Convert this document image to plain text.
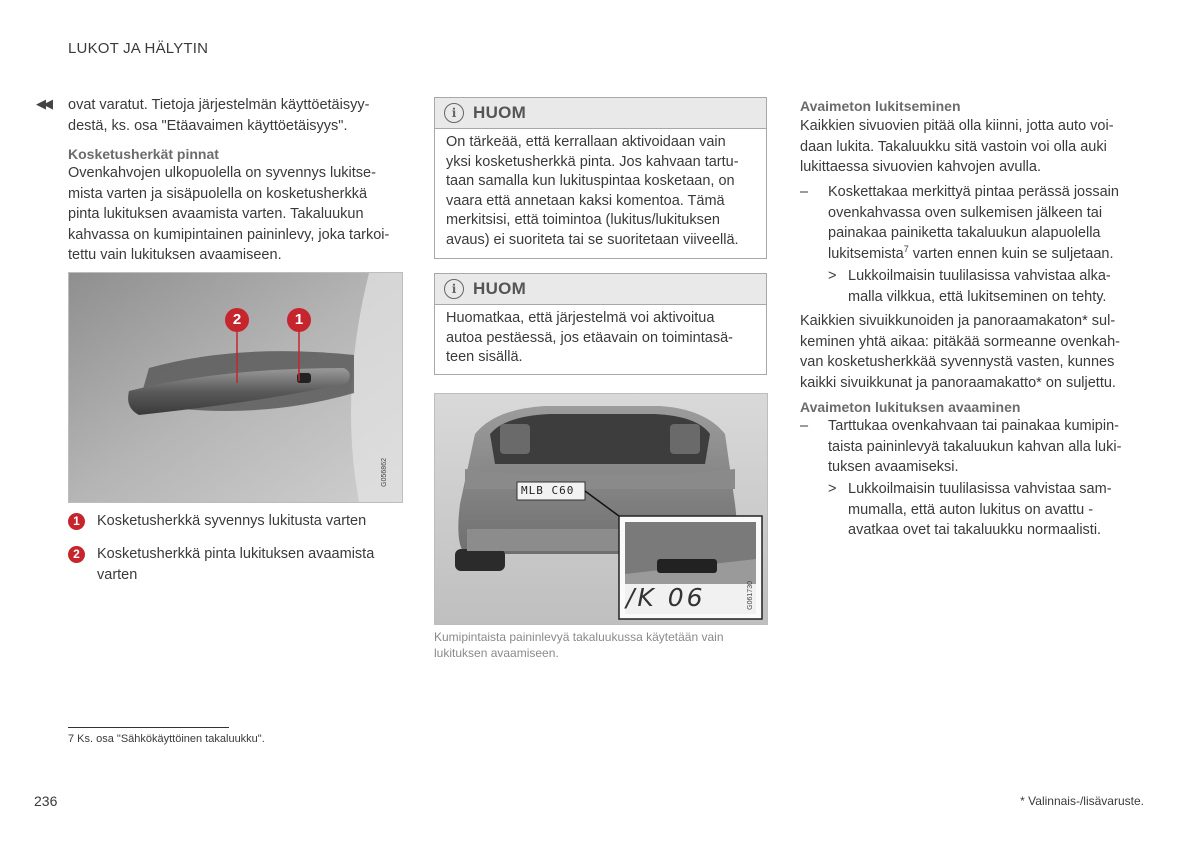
LUKOT JA HÄLYTIN
◀◀ ovat varatut. Tietoja järjestelmän käyttöetäisyy-

destä, ks. osa "Etäavaimen käyttöetäisyys".

Kosketusherkät pinnat

Ovenkahvojen ulkopuolella on syvennys lukitse-

mista varten ja sisäpuolella on kosketusherkkä

pinta lukituksen avaamista varten. Takaluukun

kahvassa on kumipintainen paininlevy, joka tarkoi-

tettu vain lukituksen avaamiseen.

2	1
G056862
1	Kosketusherkkä syvennys lukitusta varten
2	Kosketusherkkä pinta lukituksen avaamista
varten
i HUOM
On tärkeää, että kerrallaan aktivoidaan vain
yksi kosketusherkkä pinta. Jos kahvaan tartu-
taan samalla kun lukituspintaa kosketaan, on
vaara että annetaan kaksi komentoa. Tämä
merkitsisi, että toimintoa (lukitus/lukituksen
avaus) ei suoriteta tai se suoritetaan viiveellä.
i HUOM
Huomatkaa, että järjestelmä voi aktivoitua
autoa pestäessä, jos etäavain on toimintasä-
teen sisällä.
MLB C60
/K 06	G061730
Kumipintaista paininlevyä takaluukussa käytetään vain
lukituksen avaamiseen.
Avaimeton lukitseminen

Kaikkien sivuovien pitää olla kiinni, jotta auto voi-

daan lukita. Takaluukku sitä vastoin voi olla auki

lukittaessa sivuovien kahvojen avulla.

– Koskettakaa merkittyä pintaa perässä jossain

ovenkahvassa oven sulkemisen jälkeen tai

painakaa painiketta takaluukun alapuolella

lukitsemista$^7$ varten ennen kuin se suljetaan.

> Lukkoilmaisin tuulilasissa vahvistaa alka-

malla vilkkua, että lukitseminen on tehty.

Kaikkien sivuikkunoiden ja panoraamakaton* sul-

keminen yhtä aikaa: pitäkää sormeanne ovenkah-

van kosketusherkkää syvennystä vasten, kunnes

kaikki sivuikkunat ja panoraamakatto* on suljettu.

Avaimeton lukituksen avaaminen
– Tarttukaa ovenkahvaan tai painakaa kumipin-

taista paininlevyä takaluukun kahvan alla luki-

tuksen avaamiseksi.

> Lukkoilmaisin tuulilasissa vahvistaa sam-

mumalla, että auton lukitus on avattu -

avatkaa ovet tai takaluukku normaalisti.

7 Ks. osa "Sähkökäyttöinen takaluukku".
236	* Valinnais-/lisävaruste.
